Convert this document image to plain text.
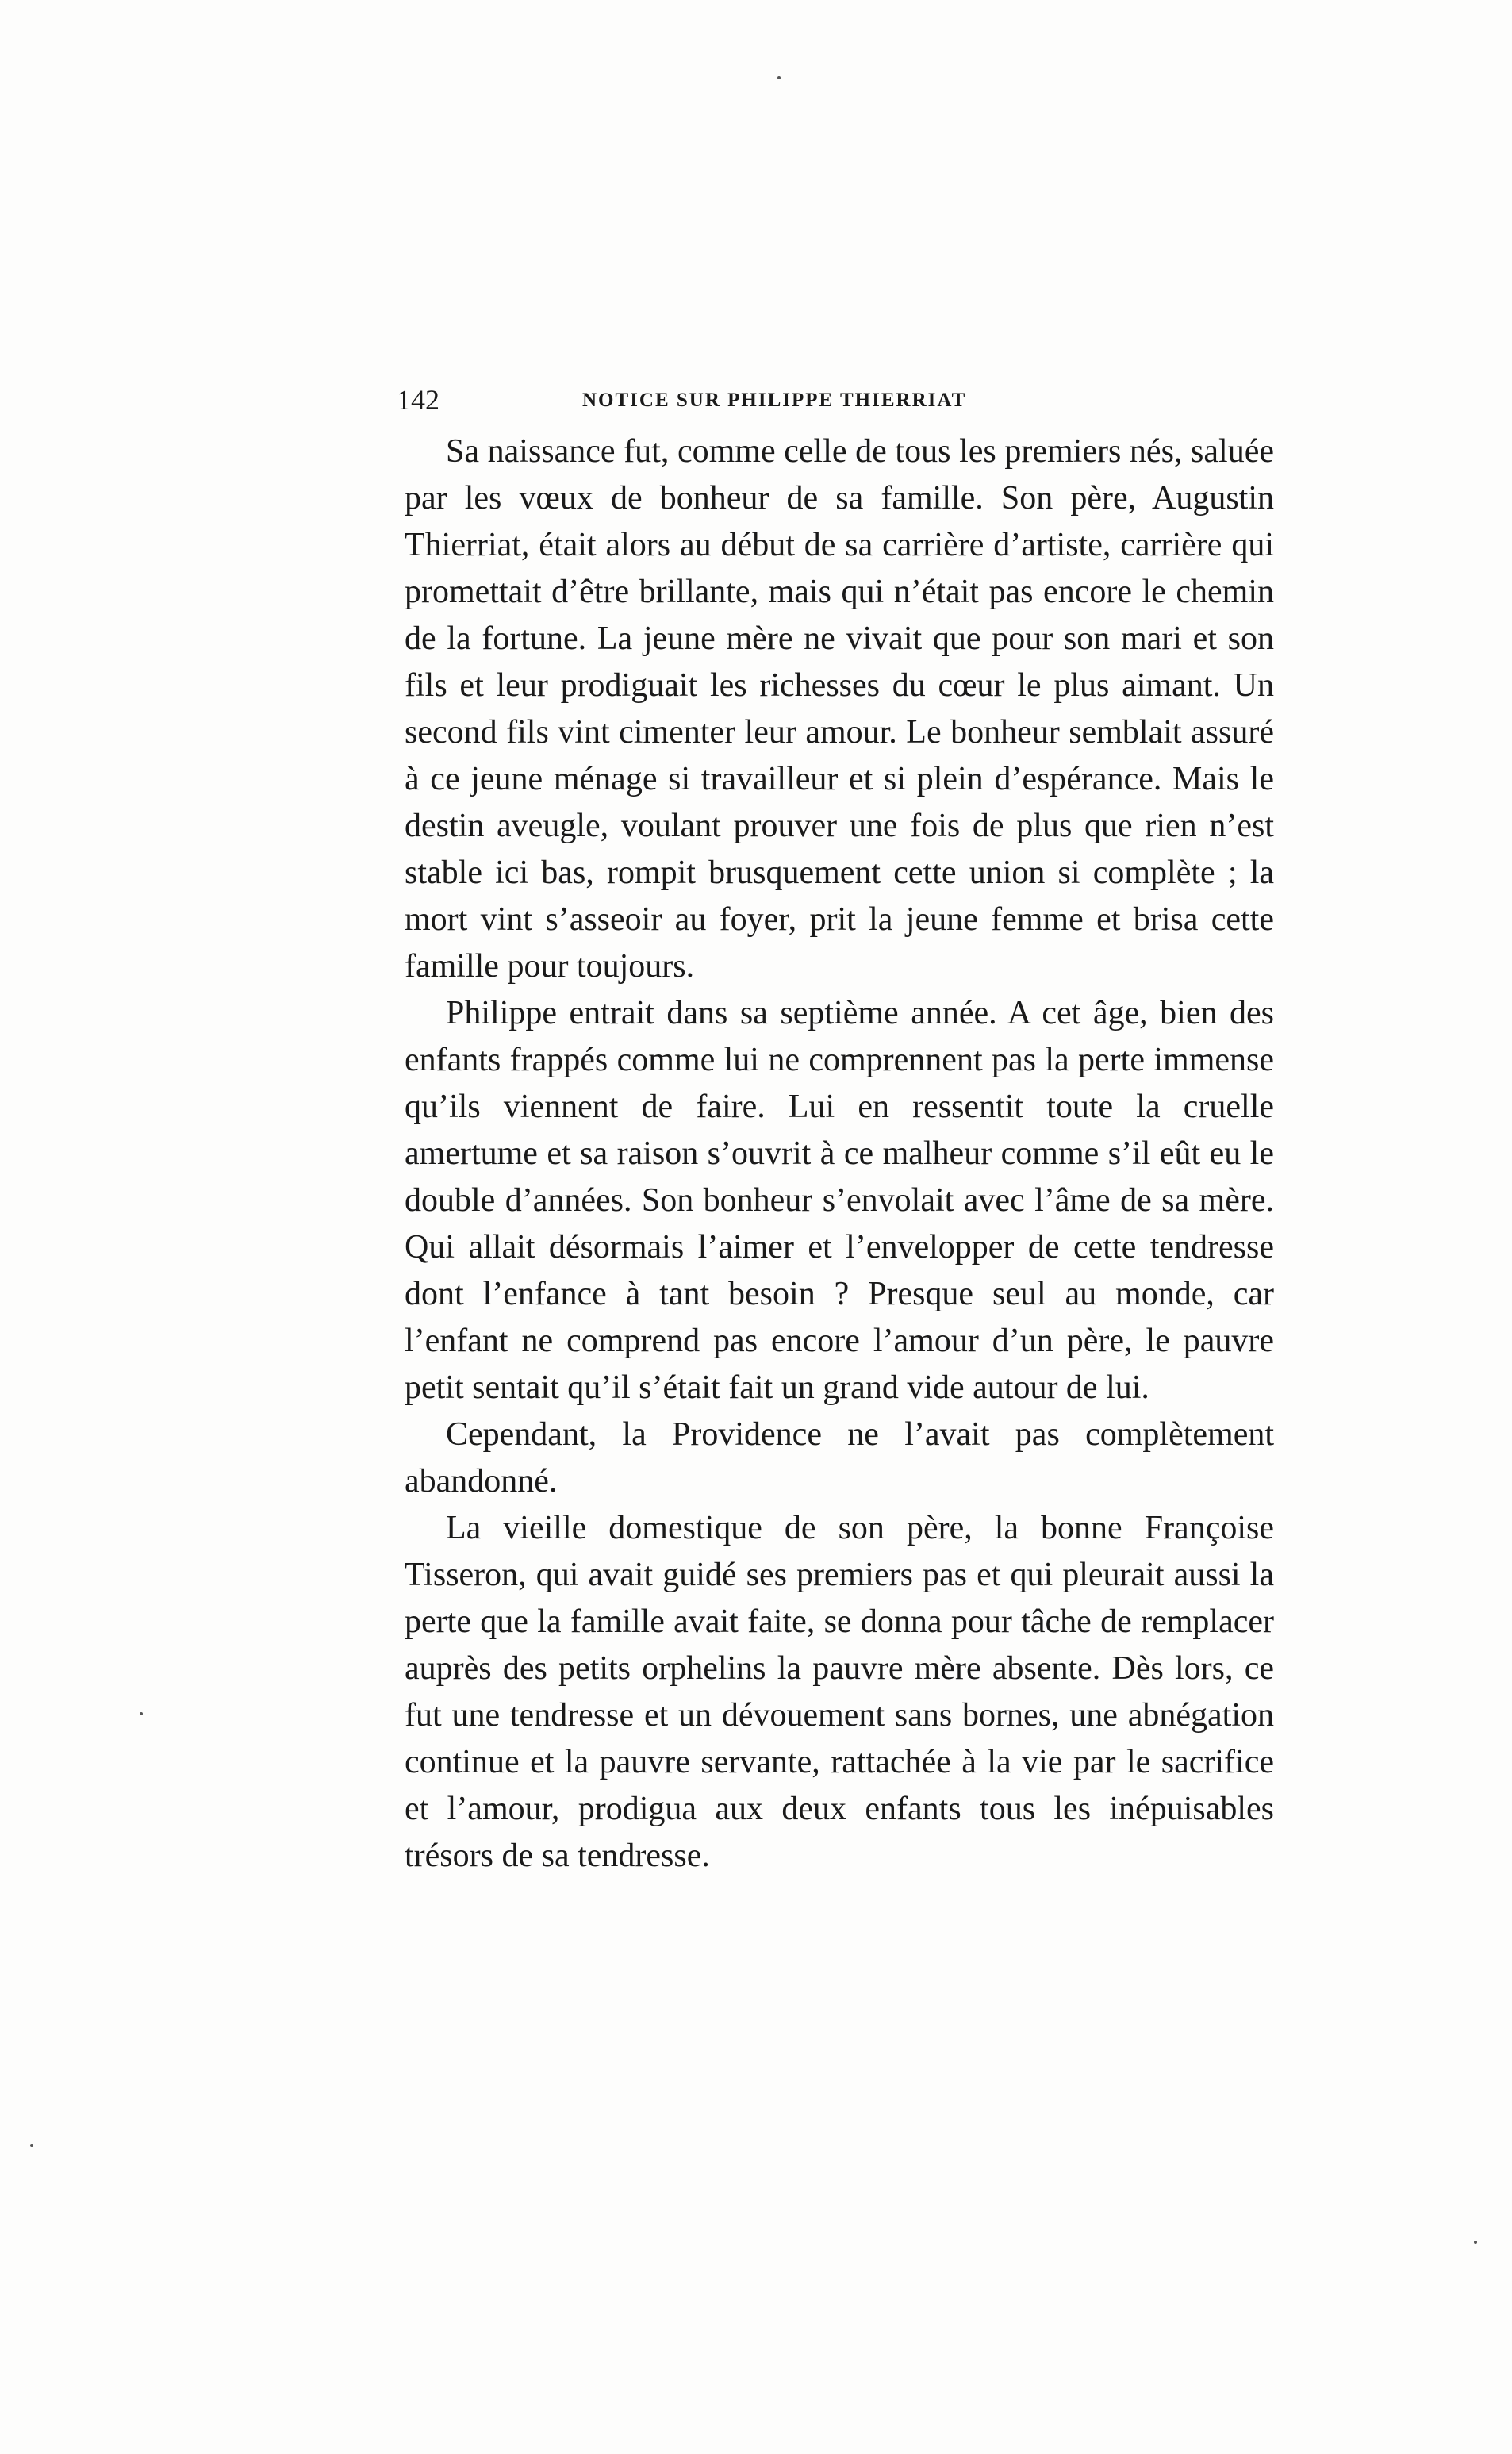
142	NOTICE SUR PHILIPPE THIERRIAT

Sa naissance fut, comme celle de tous les premiers nés, saluée par les vœux de bonheur de sa famille. Son père, Augustin Thierriat, était alors au début de sa carrière d’artiste, carrière qui promettait d’être brillante, mais qui n’était pas encore le chemin de la fortune. La jeune mère ne vivait que pour son mari et son fils et leur prodiguait les richesses du cœur le plus aimant. Un second fils vint cimenter leur amour. Le bonheur semblait assuré à ce jeune ménage si travailleur et si plein d’espérance. Mais le destin aveugle, voulant prouver une fois de plus que rien n’est stable ici bas, rompit brusquement cette union si complète ; la mort vint s’asseoir au foyer, prit la jeune femme et brisa cette famille pour toujours.

Philippe entrait dans sa septième année. A cet âge, bien des enfants frappés comme lui ne comprennent pas la perte immense qu’ils viennent de faire. Lui en ressentit toute la cruelle amertume et sa raison s’ouvrit à ce malheur comme s’il eût eu le double d’années. Son bonheur s’envolait avec l’âme de sa mère. Qui allait désormais l’aimer et l’envelopper de cette tendresse dont l’enfance à tant besoin ? Presque seul au monde, car l’enfant ne comprend pas encore l’amour d’un père, le pauvre petit sentait qu’il s’était fait un grand vide autour de lui.

Cependant, la Providence ne l’avait pas complètement abandonné.

La vieille domestique de son père, la bonne Françoise Tisseron, qui avait guidé ses premiers pas et qui pleurait aussi la perte que la famille avait faite, se donna pour tâche de remplacer auprès des petits orphelins la pauvre mère absente. Dès lors, ce fut une tendresse et un dévouement sans bornes, une abnégation continue et la pauvre servante, rattachée à la vie par le sacrifice et l’amour, prodigua aux deux enfants tous les inépuisables trésors de sa tendresse.
